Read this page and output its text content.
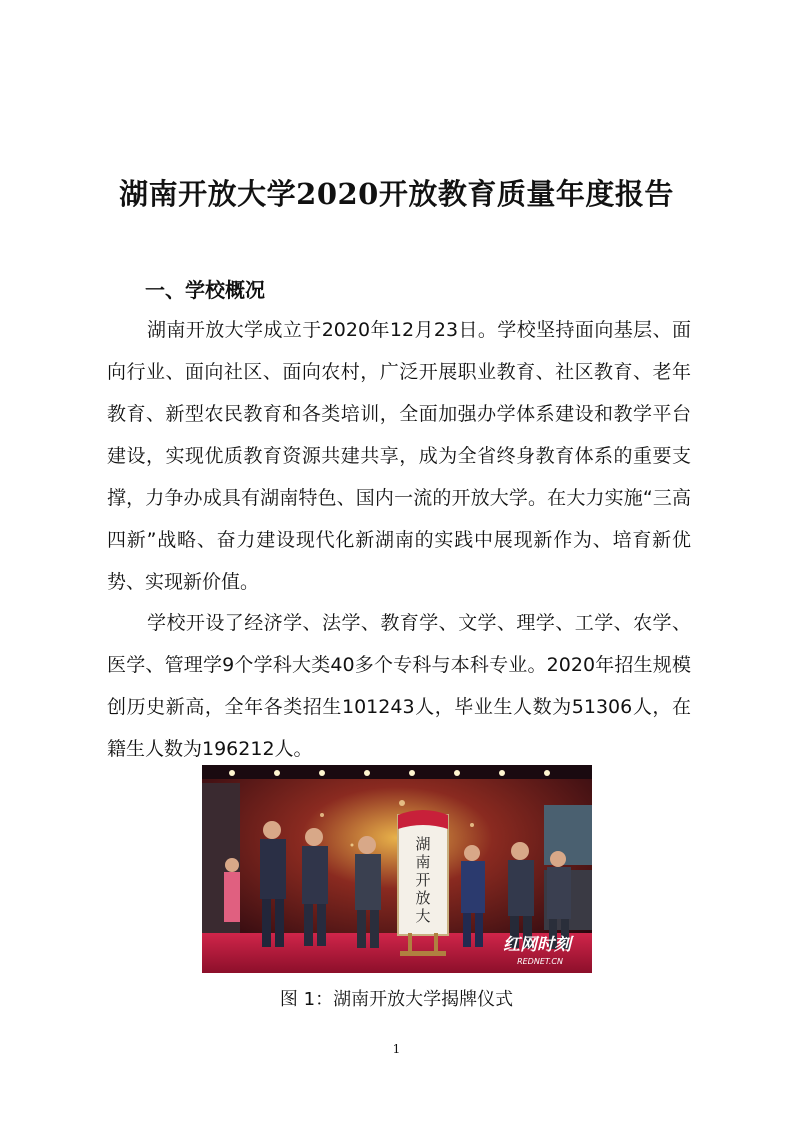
湖南开放大学2020开放教育质量年度报告
一、学校概况

湖南开放大学成立于2020年12月23日。学校坚持面向基层、面向行业、面向社区、面向农村，广泛开展职业教育、社区教育、老年教育、新型农民教育和各类培训，全面加强办学体系建设和教学平台建设，实现优质教育资源共建共享，成为全省终身教育体系的重要支撑，力争办成具有湖南特色、国内一流的开放大学。在大力实施“三高四新”战略、奋力建设现代化新湖南的实践中展现新作为、培育新优势、实现新价值。

学校开设了经济学、法学、教育学、文学、理学、工学、农学、医学、管理学9个学科大类40多个专科与本科专业。2020年招生规模创历史新高，全年各类招生101243人，毕业生人数为51306人，在籍生人数为196212人。

湖
南
开
放
大
红网时刻
REDNET.CN
图 1：湖南开放大学揭牌仪式
1
